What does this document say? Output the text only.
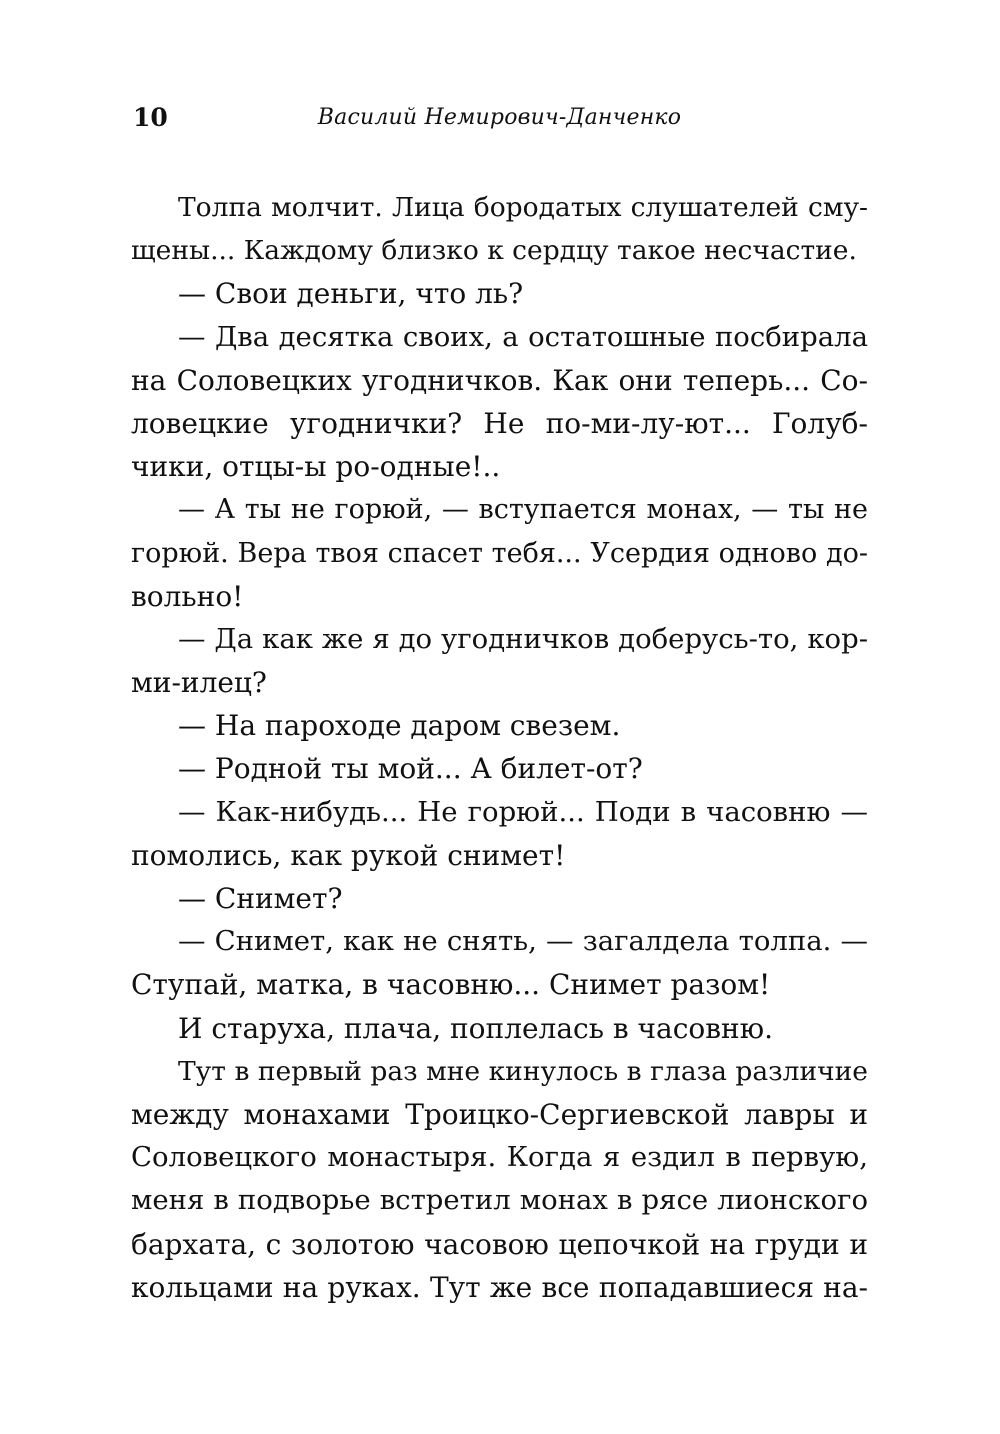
10	Василий Немирович-Данченко
Толпа молчит. Лица бородатых слушателей сму-
щены... Каждому близко к сердцу такое несчастие.
— Свои деньги, что ль?
— Два десятка своих, а остатошные посбирала
на Соловецких угодничков. Как они теперь... Со-
ловецкие угоднички? Не по-ми-лу-ют... Голуб-
чики, отцы-ы ро-одные!..
— А ты не горюй, — вступается монах, — ты не
горюй. Вера твоя спасет тебя... Усердия одново до-
вольно!
— Да как же я до угодничков доберусь-то, кор-
ми-илец?
— На пароходе даром свезем.
— Родной ты мой... А билет-от?
— Как-нибудь... Не горюй... Поди в часовню —
помолись, как рукой снимет!
— Снимет?
— Снимет, как не снять, — загалдела толпа. —
Ступай, матка, в часовню... Снимет разом!
И старуха, плача, поплелась в часовню.
Тут в первый раз мне кинулось в глаза различие
между монахами Троицко-Сергиевской лавры и
Соловецкого монастыря. Когда я ездил в первую,
меня в подворье встретил монах в рясе лионского
бархата, с золотою часовою цепочкой на груди и
кольцами на руках. Тут же все попадавшиеся на-
